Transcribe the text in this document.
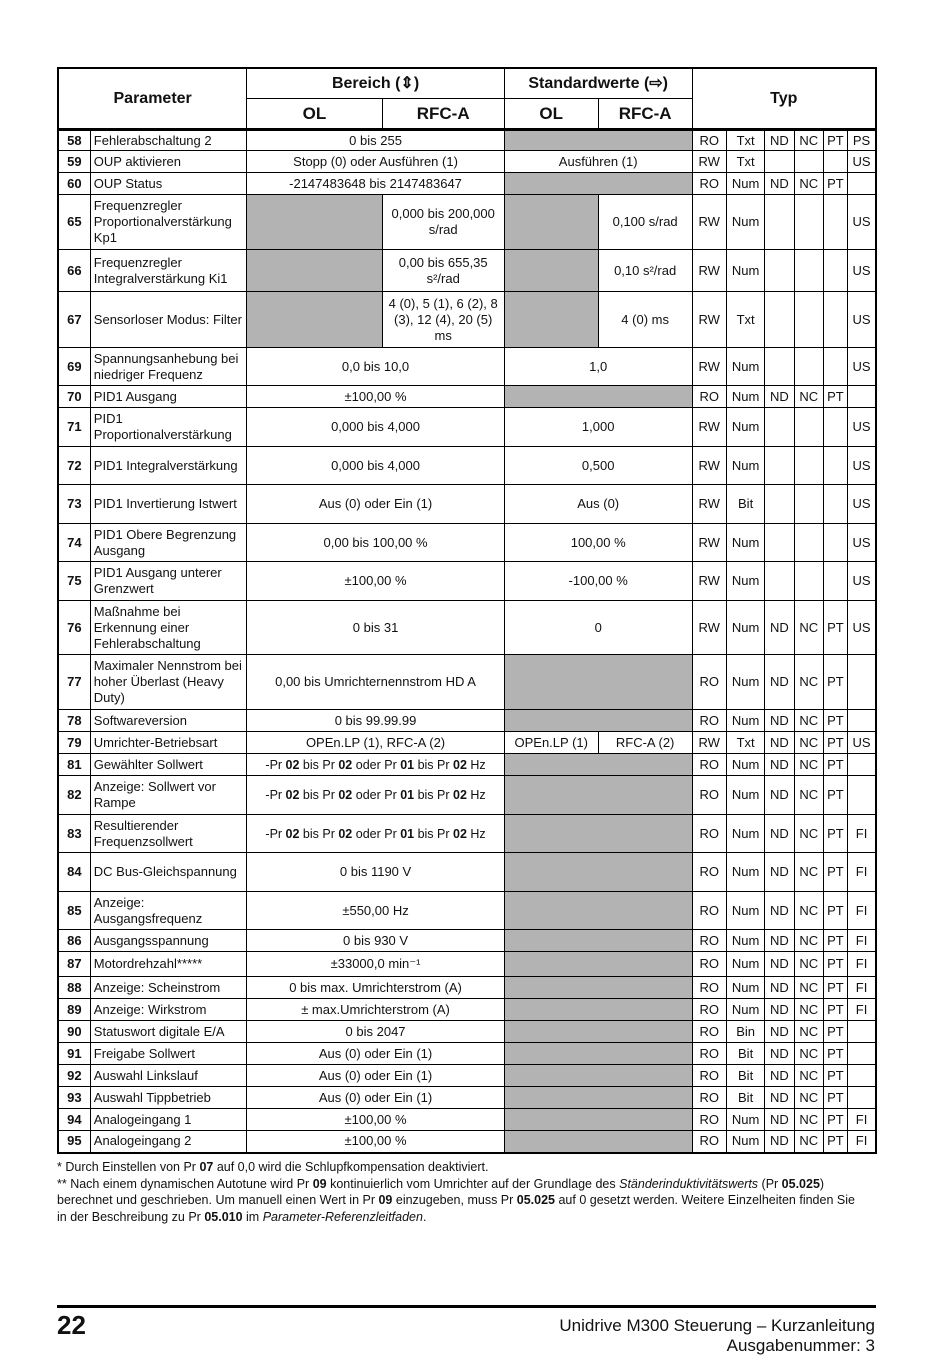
Parameter		Bereich (⇕)		Standardwerte (⇨)		Typ					
		OL	RFC-A	OL	RFC-A						
58	Fehlerabschaltung 2	0 bis 255				RO	Txt	ND	NC	PT	PS
59	OUP aktivieren	Stopp (0) oder Ausführen (1)		Ausführen (1)		RW	Txt				US
60	OUP Status	-2147483648 bis 2147483647				RO	Num	ND	NC	PT	
65	Frequenzregler Proportionalverstärkung Kp1		0,000 bis 200,000 s/rad		0,100 s/rad	RW	Num				US
66	Frequenzregler Integralverstärkung Ki1		0,00 bis 655,35 s²/rad		0,10 s²/rad	RW	Num				US
67	Sensorloser Modus: Filter		4 (0), 5 (1), 6 (2), 8 (3), 12 (4), 20 (5) ms		4 (0) ms	RW	Txt				US
69	Spannungsanhebung bei niedriger Frequenz	0,0 bis 10,0		1,0		RW	Num				US
70	PID1 Ausgang	±100,00 %				RO	Num	ND	NC	PT	
71	PID1 Proportionalverstärkung	0,000 bis 4,000		1,000		RW	Num				US
72	PID1 Integralverstärkung	0,000 bis 4,000		0,500		RW	Num				US
73	PID1 Invertierung Istwert	Aus (0) oder Ein (1)		Aus (0)		RW	Bit				US
74	PID1 Obere Begrenzung Ausgang	0,00 bis 100,00 %		100,00 %		RW	Num				US
75	PID1 Ausgang unterer Grenzwert	±100,00 %		-100,00 %		RW	Num				US
76	Maßnahme bei Erkennung einer Fehlerabschaltung	0 bis 31		0		RW	Num	ND	NC	PT	US
77	Maximaler Nennstrom bei hoher Überlast (Heavy Duty)	0,00 bis Umrichternennstrom HD A				RO	Num	ND	NC	PT	
78	Softwareversion	0 bis 99.99.99				RO	Num	ND	NC	PT	
79	Umrichter-Betriebsart	OPEn.LP (1), RFC-A (2)		OPEn.LP (1)	RFC-A (2)	RW	Txt	ND	NC	PT	US
81	Gewählter Sollwert	-Pr 02 bis Pr 02 oder Pr 01 bis Pr 02 Hz				RO	Num	ND	NC	PT	
82	Anzeige: Sollwert vor Rampe	-Pr 02 bis Pr 02 oder Pr 01 bis Pr 02 Hz				RO	Num	ND	NC	PT	
83	Resultierender Frequenzsollwert	-Pr 02 bis Pr 02 oder Pr 01 bis Pr 02 Hz				RO	Num	ND	NC	PT	FI
84	DC Bus-Gleichspannung	0 bis 1190 V				RO	Num	ND	NC	PT	FI
85	Anzeige: Ausgangsfrequenz	±550,00 Hz				RO	Num	ND	NC	PT	FI
86	Ausgangsspannung	0 bis 930 V				RO	Num	ND	NC	PT	FI
87	Motordrehzahl*****	±33000,0 min⁻¹				RO	Num	ND	NC	PT	FI
88	Anzeige: Scheinstrom	0 bis max. Umrichterstrom (A)				RO	Num	ND	NC	PT	FI
89	Anzeige: Wirkstrom	± max.Umrichterstrom (A)				RO	Num	ND	NC	PT	FI
90	Statuswort digitale E/A	0 bis 2047				RO	Bin	ND	NC	PT	
91	Freigabe Sollwert	Aus (0) oder Ein (1)				RO	Bit	ND	NC	PT	
92	Auswahl Linkslauf	Aus (0) oder Ein (1)				RO	Bit	ND	NC	PT	
93	Auswahl Tippbetrieb	Aus (0) oder Ein (1)				RO	Bit	ND	NC	PT	
94	Analogeingang 1	±100,00 %				RO	Num	ND	NC	PT	FI
95	Analogeingang 2	±100,00 %				RO	Num	ND	NC	PT	FI

* Durch Einstellen von Pr 07 auf 0,0 wird die Schlupfkompensation deaktiviert.

** Nach einem dynamischen Autotune wird Pr 09 kontinuierlich vom Umrichter auf der Grundlage des Ständerinduktivitätswerts (Pr 05.025) berechnet und geschrieben. Um manuell einen Wert in Pr 09 einzugeben, muss Pr 05.025 auf 0 gesetzt werden. Weitere Einzelheiten finden Sie in der Beschreibung zu Pr 05.010 im Parameter-Referenzleitfaden.

22	Unidrive M300 Steuerung – Kurzanleitung
Ausgabenummer: 3
